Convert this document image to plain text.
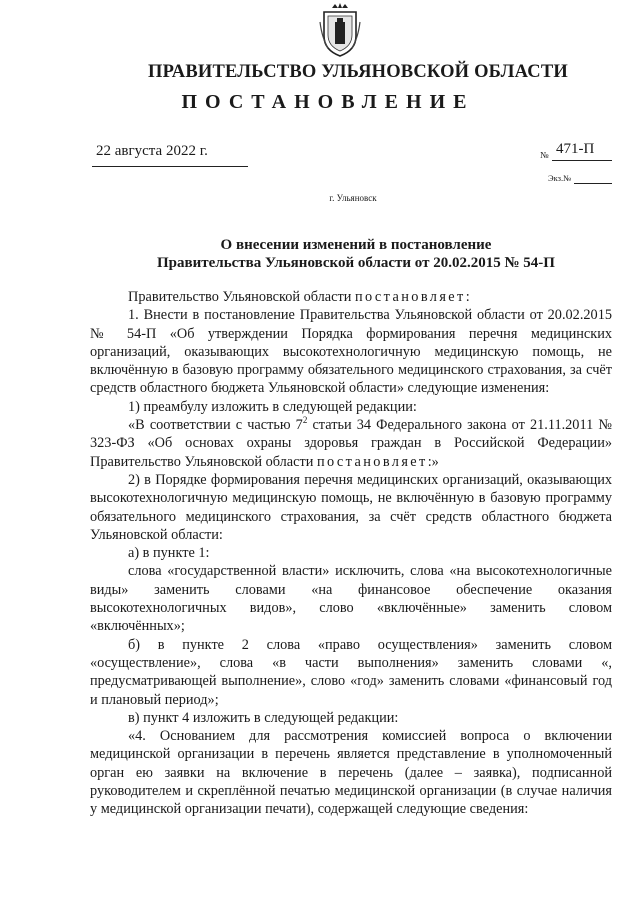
ПРАВИТЕЛЬСТВО УЛЬЯНОВСКОЙ ОБЛАСТИ
ПОСТАНОВЛЕНИЕ
22 августа 2022 г.	№ 471-П
Экз.№
г. Ульяновск
О внесении изменений в постановление
Правительства Ульяновской области от 20.02.2015 № 54-П

Правительство Ульяновской области постановляет:

1. Внести в постановление Правительства Ульяновской области от 20.02.2015 № 54-П «Об утверждении Порядка формирования перечня медицинских организаций, оказывающих высокотехнологичную медицинскую помощь, не включённую в базовую программу обязательного медицинского страхования, за счёт средств областного бюджета Ульяновской области» следующие изменения:

1) преамбулу изложить в следующей редакции:

«В соответствии с частью $7^2$ статьи 34 Федерального закона от 21.11.2011 № 323-ФЗ «Об основах охраны здоровья граждан в Российской Федерации» Правительство Ульяновской области постановляет:»

2) в Порядке формирования перечня медицинских организаций, оказывающих высокотехнологичную медицинскую помощь, не включённую в базовую программу обязательного медицинского страхования, за счёт средств областного бюджета Ульяновской области:

а) в пункте 1:

слова «государственной власти» исключить, слова «на высокотехнологичные виды» заменить словами «на финансовое обеспечение оказания высокотехнологичных видов», слово «включённые» заменить словом «включённых»;

б) в пункте 2 слова «право осуществления» заменить словом «осуществление», слова «в части выполнения» заменить словами «, предусматривающей выполнение», слово «год» заменить словами «финансовый год и плановый период»;

в) пункт 4 изложить в следующей редакции:

«4. Основанием для рассмотрения комиссией вопроса о включении медицинской организации в перечень является представление в уполномоченный орган ею заявки на включение в перечень (далее – заявка), подписанной руководителем и скреплённой печатью медицинской организации (в случае наличия у медицинской организации печати), содержащей следующие сведения:
